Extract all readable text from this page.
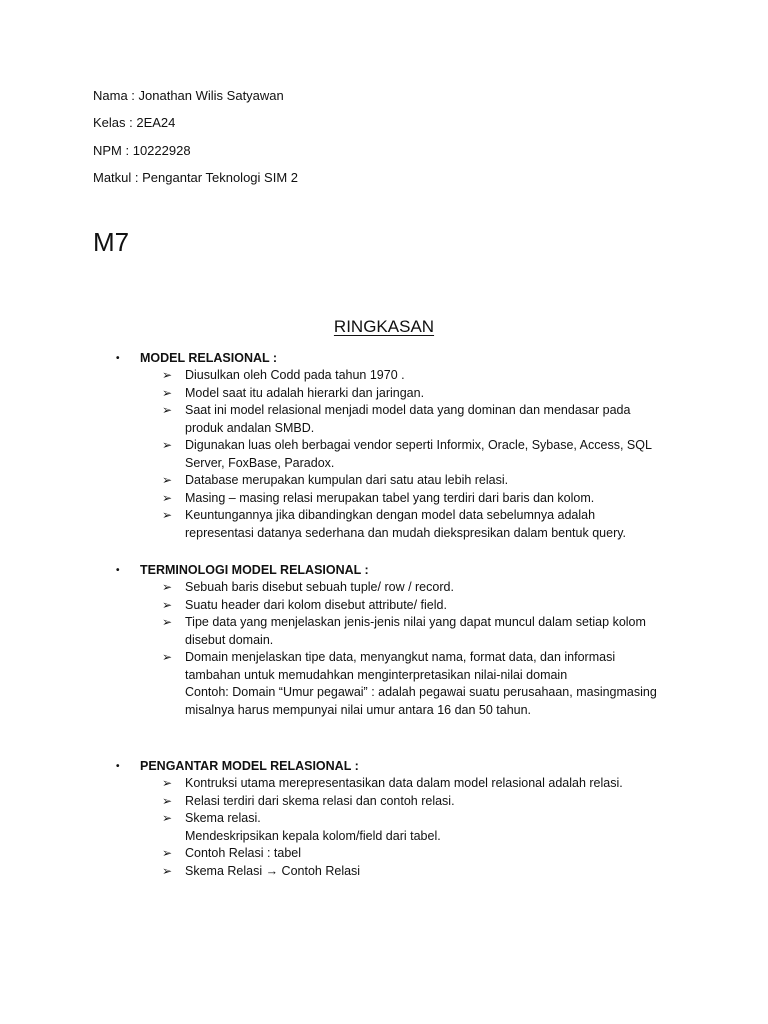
Nama : Jonathan Wilis Satyawan
Kelas : 2EA24
NPM : 10222928
Matkul : Pengantar Teknologi SIM 2
M7
RINGKASAN
• MODEL RELASIONAL :
➢ Diusulkan oleh Codd pada tahun 1970 .
➢ Model saat itu adalah hierarki dan jaringan.
➢ Saat ini model relasional menjadi model data yang dominan dan mendasar pada
produk andalan SMBD.
➢ Digunakan luas oleh berbagai vendor seperti Informix, Oracle, Sybase, Access, SQL
Server, FoxBase, Paradox.
➢ Database merupakan kumpulan dari satu atau lebih relasi.
➢ Masing – masing relasi merupakan tabel yang terdiri dari baris dan kolom.
➢ Keuntungannya jika dibandingkan dengan model data sebelumnya adalah
representasi datanya sederhana dan mudah diekspresikan dalam bentuk query.
• TERMINOLOGI MODEL RELASIONAL :
➢ Sebuah baris disebut sebuah tuple/ row / record.
➢ Suatu header dari kolom disebut attribute/ field.
➢ Tipe data yang menjelaskan jenis-jenis nilai yang dapat muncul dalam setiap kolom
disebut domain.
➢ Domain menjelaskan tipe data, menyangkut nama, format data, dan informasi
tambahan untuk memudahkan menginterpretasikan nilai-nilai domain
Contoh: Domain “Umur pegawai” : adalah pegawai suatu perusahaan, masingmasing
misalnya harus mempunyai nilai umur antara 16 dan 50 tahun.
• PENGANTAR MODEL RELASIONAL :
➢ Kontruksi utama merepresentasikan data dalam model relasional adalah relasi.
➢ Relasi terdiri dari skema relasi dan contoh relasi.
➢ Skema relasi.
Mendeskripsikan kepala kolom/field dari tabel.
➢ Contoh Relasi : tabel
➢ Skema Relasi → Contoh Relasi
